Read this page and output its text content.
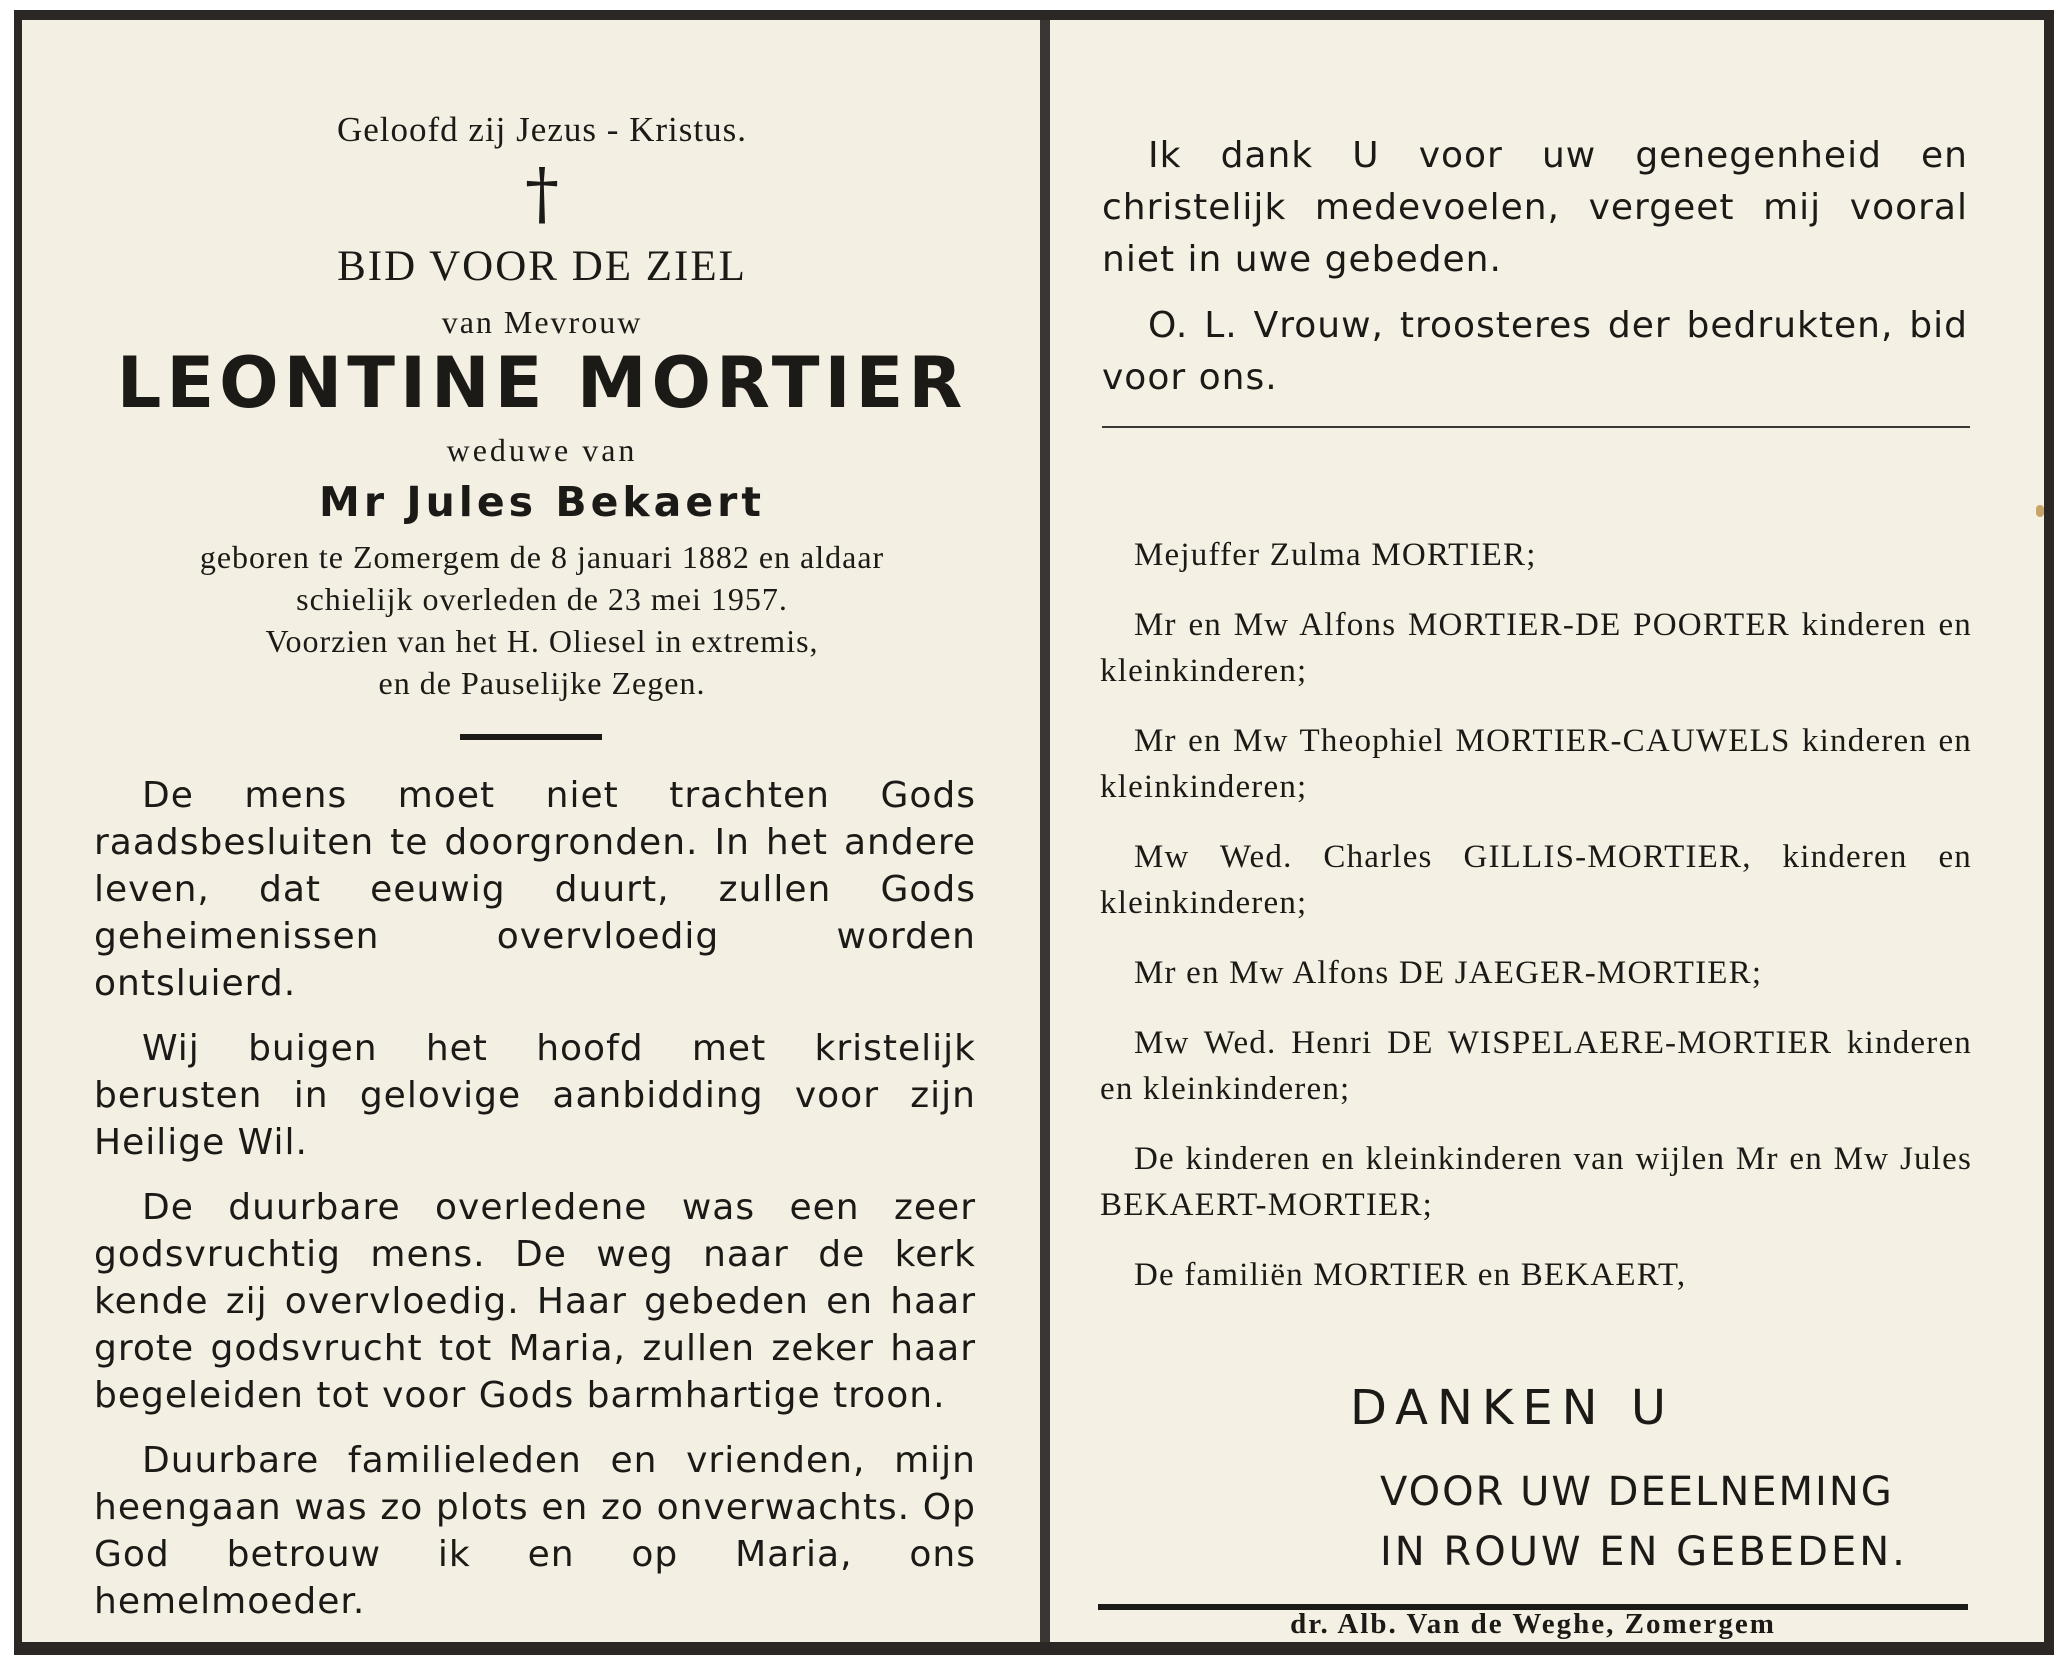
Geloofd zij Jezus - Kristus.
†
BID VOOR DE ZIEL
van Mevrouw
LEONTINE MORTIER
weduwe van
Mr Jules Bekaert
geboren te Zomergem de 8 januari 1882 en aldaar
schielijk overleden de 23 mei 1957.
Voorzien van het H. Oliesel in extremis,
en de Pauselijke Zegen.

De mens moet niet trachten Gods raadsbesluiten te doorgronden. In het andere leven, dat eeuwig duurt, zullen Gods geheimenissen overvloedig worden ontsluierd.

Wij buigen het hoofd met kristelijk berusten in gelovige aanbidding voor zijn Heilige Wil.

De duurbare overledene was een zeer godsvruchtig mens. De weg naar de kerk kende zij overvloedig. Haar gebeden en haar grote godsvrucht tot Maria, zullen zeker haar begeleiden tot voor Gods barmhartige troon.

Duurbare familieleden en vrienden, mijn heengaan was zo plots en zo onverwachts. Op God betrouw ik en op Maria, ons hemelmoeder.

Ik dank U voor uw genegenheid en christelijk medevoelen, vergeet mij vooral niet in uwe gebeden.

O. L. Vrouw, troosteres der bedrukten, bid voor ons.

Mejuffer Zulma MORTIER;

Mr en Mw Alfons MORTIER-DE POORTER kinderen en kleinkinderen;

Mr en Mw Theophiel MORTIER-CAUWELS kinderen en kleinkinderen;

Mw Wed. Charles GILLIS-MORTIER, kinderen en kleinkinderen;

Mr en Mw Alfons DE JAEGER-MORTIER;

Mw Wed. Henri DE WISPELAERE-MORTIER kinderen en kleinkinderen;

De kinderen en kleinkinderen van wijlen Mr en Mw Jules BEKAERT-MORTIER;

De familiën MORTIER en BEKAERT,

DANKEN U
VOOR UW DEELNEMING
IN ROUW EN GEBEDEN.
dr. Alb. Van de Weghe, Zomergem
